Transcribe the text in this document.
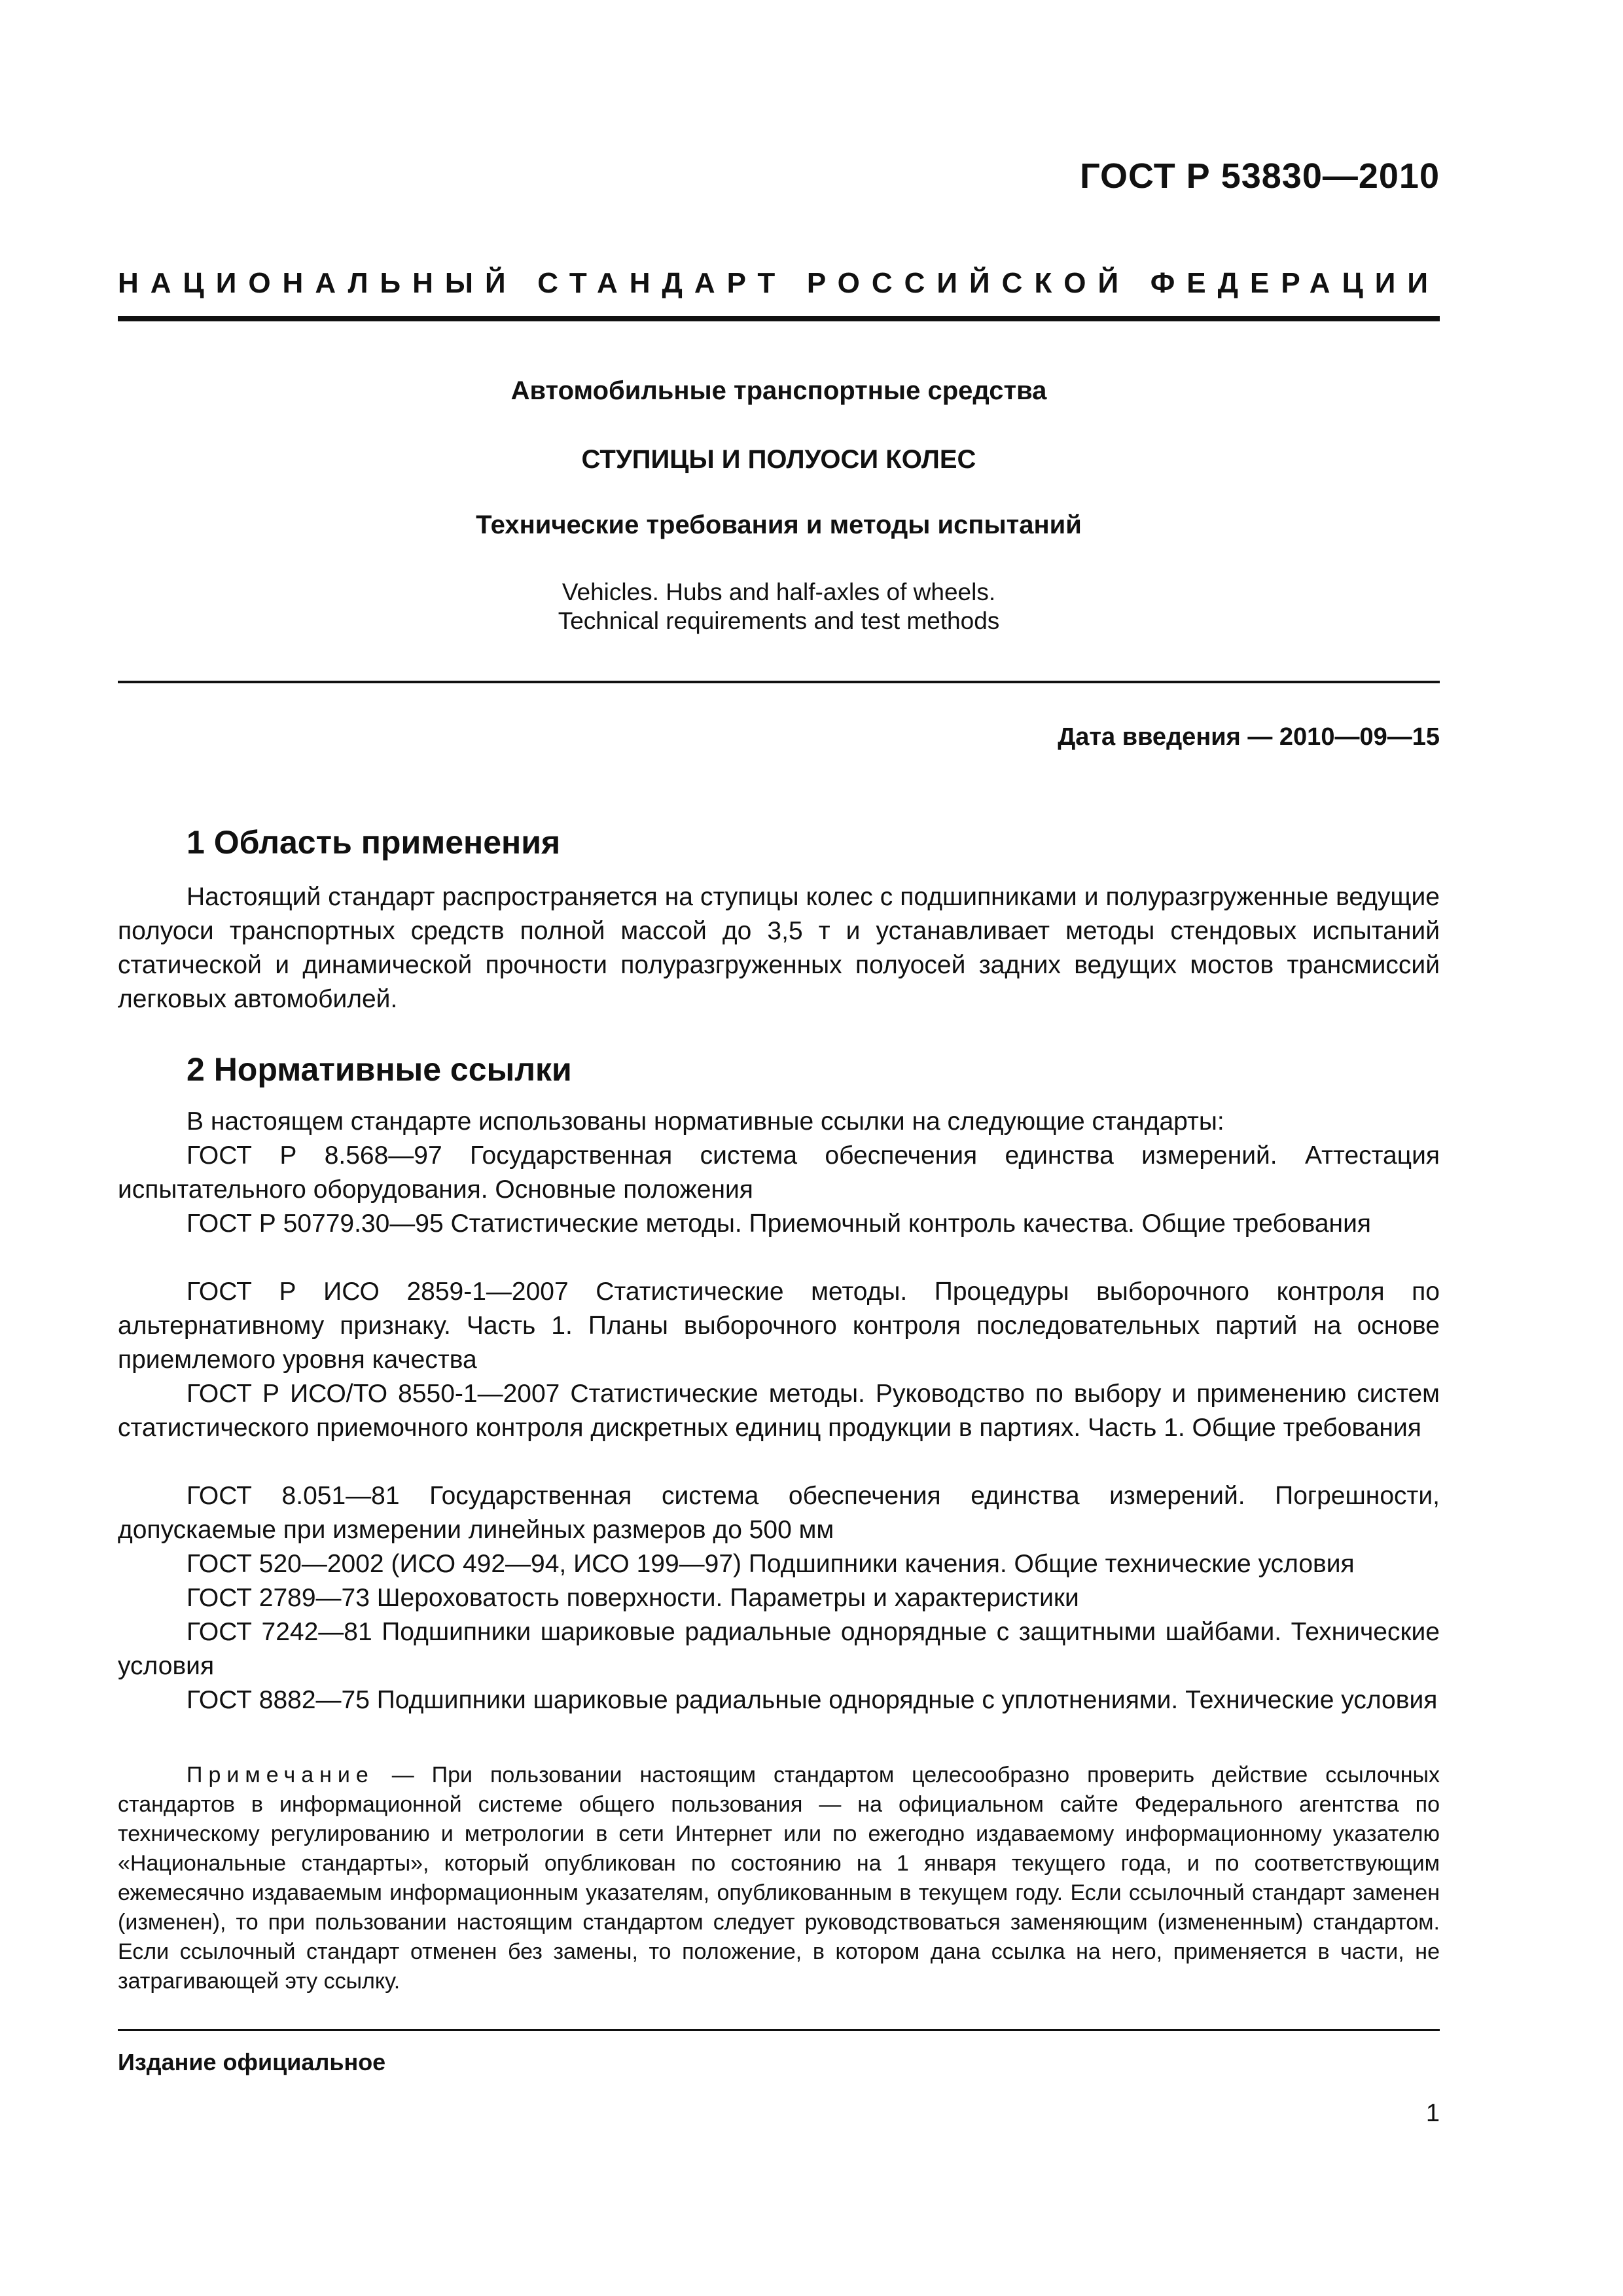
ГОСТ Р 53830—2010
НАЦИОНАЛЬНЫЙ СТАНДАРТ РОССИЙСКОЙ ФЕДЕРАЦИИ
Автомобильные транспортные средства
СТУПИЦЫ И ПОЛУОСИ КОЛЕС
Технические требования и методы испытаний
Vehicles. Hubs and half-axles of wheels.
Technical requirements and test methods
Дата введения — 2010—09—15
1 Область применения
Настоящий стандарт распространяется на ступицы колес с подшипниками и полуразгруженные ведущие полуоси транспортных средств полной массой до 3,5 т и устанавливает методы стендовых испытаний статической и динамической прочности полуразгруженных полуосей задних ведущих мостов трансмиссий легковых автомобилей.
2 Нормативные ссылки
В настоящем стандарте использованы нормативные ссылки на следующие стандарты:
ГОСТ Р 8.568—97 Государственная система обеспечения единства измерений. Аттестация испытательного оборудования. Основные положения
ГОСТ Р 50779.30—95 Статистические методы. Приемочный контроль качества. Общие требования
ГОСТ Р ИСО 2859-1—2007 Статистические методы. Процедуры выборочного контроля по альтернативному признаку. Часть 1. Планы выборочного контроля последовательных партий на основе приемлемого уровня качества
ГОСТ Р ИСО/ТО 8550-1—2007 Статистические методы. Руководство по выбору и применению систем статистического приемочного контроля дискретных единиц продукции в партиях. Часть 1. Общие требования
ГОСТ 8.051—81 Государственная система обеспечения единства измерений. Погрешности, допускаемые при измерении линейных размеров до 500 мм
ГОСТ 520—2002 (ИСО 492—94, ИСО 199—97) Подшипники качения. Общие технические условия
ГОСТ 2789—73 Шероховатость поверхности. Параметры и характеристики
ГОСТ 7242—81 Подшипники шариковые радиальные однорядные с защитными шайбами. Технические условия
ГОСТ 8882—75 Подшипники шариковые радиальные однорядные с уплотнениями. Технические условия
Примечание — При пользовании настоящим стандартом целесообразно проверить действие ссылочных стандартов в информационной системе общего пользования — на официальном сайте Федерального агентства по техническому регулированию и метрологии в сети Интернет или по ежегодно издаваемому информационному указателю «Национальные стандарты», который опубликован по состоянию на 1 января текущего года, и по соответствующим ежемесячно издаваемым информационным указателям, опубликованным в текущем году. Если ссылочный стандарт заменен (изменен), то при пользовании настоящим стандартом следует руководствоваться заменяющим (измененным) стандартом. Если ссылочный стандарт отменен без замены, то положение, в котором дана ссылка на него, применяется в части, не затрагивающей эту ссылку.
Издание официальное
1
